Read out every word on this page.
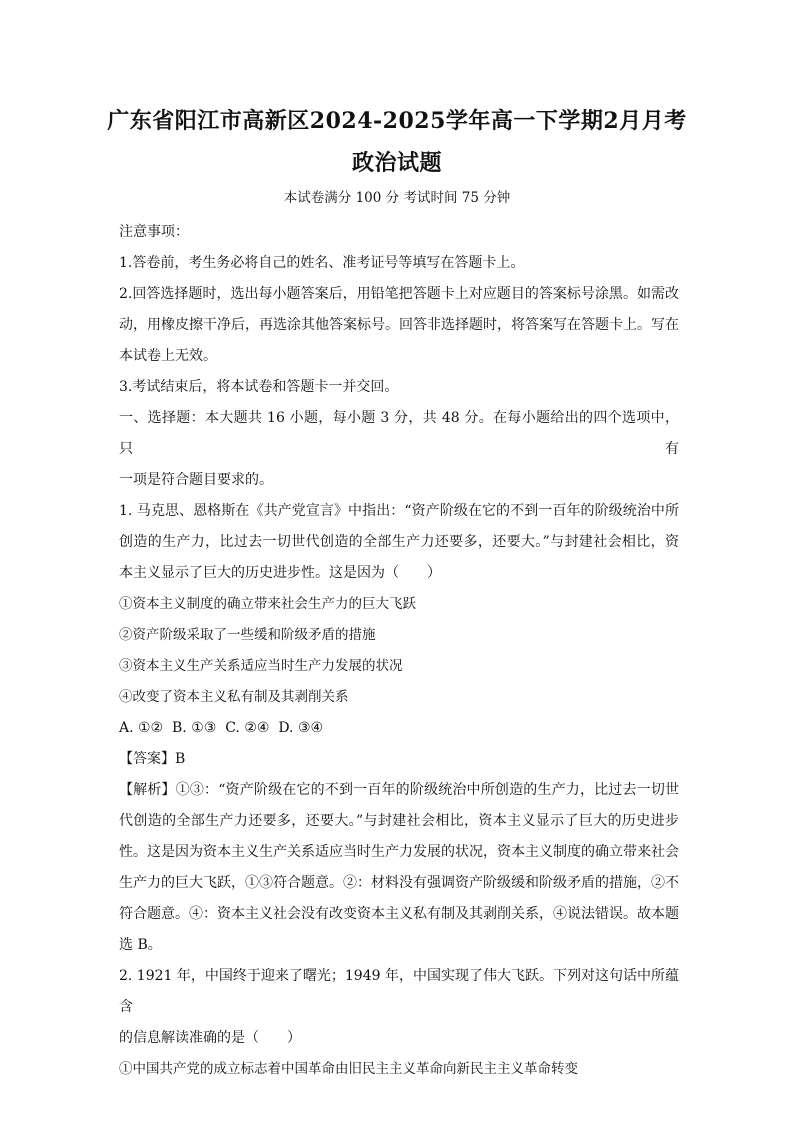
广东省阳江市高新区2024-2025学年高一下学期2月月考
政治试题
本试卷满分 100 分 考试时间 75 分钟

注意事项：

1.答卷前，考生务必将自己的姓名、准考证号等填写在答题卡上。

2.回答选择题时，选出每小题答案后，用铅笔把答题卡上对应题目的答案标号涂黑。如需改

动，用橡皮擦干净后，再选涂其他答案标号。回答非选择题时，将答案写在答题卡上。写在

本试卷上无效。

3.考试结束后，将本试卷和答题卡一并交回。

一、选择题：本大题共 16 小题，每小题 3 分，共 48 分。在每小题给出的四个选项中，只有

一项是符合题目要求的。

1. 马克思、恩格斯在《共产党宣言》中指出：“资产阶级在它的不到一百年的阶级统治中所

创造的生产力，比过去一切世代创造的全部生产力还要多，还要大。”与封建社会相比，资

本主义显示了巨大的历史进步性。这是因为（　　）

①资本主义制度的确立带来社会生产力的巨大飞跃

②资产阶级采取了一些缓和阶级矛盾的措施

③资本主义生产关系适应当时生产力发展的状况

④改变了资本主义私有制及其剥削关系

A. ①②  B. ①③  C. ②④  D. ③④

【答案】B

【解析】①③：“资产阶级在它的不到一百年的阶级统治中所创造的生产力，比过去一切世

代创造的全部生产力还要多，还要大。”与封建社会相比，资本主义显示了巨大的历史进步

性。这是因为资本主义生产关系适应当时生产力发展的状况，资本主义制度的确立带来社会

生产力的巨大飞跃，①③符合题意。②：材料没有强调资产阶级缓和阶级矛盾的措施，②不

符合题意。④：资本主义社会没有改变资本主义私有制及其剥削关系，④说法错误。故本题

选 B。

2. 1921 年，中国终于迎来了曙光；1949 年，中国实现了伟大飞跃。下列对这句话中所蕴含

的信息解读准确的是（　　）

①中国共产党的成立标志着中国革命由旧民主主义革命向新民主主义革命转变
